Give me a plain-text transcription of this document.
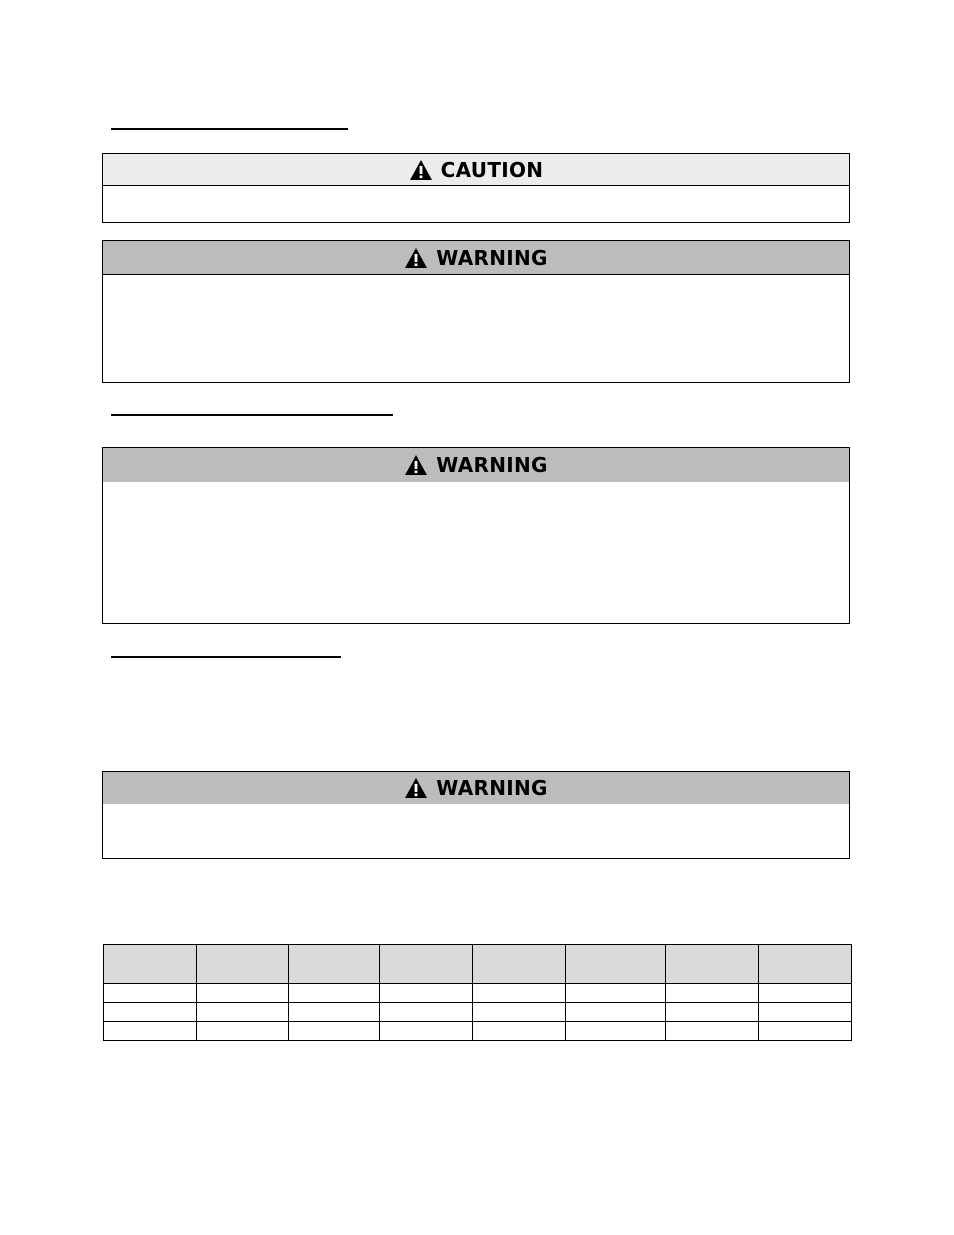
CAUTION
WARNING
WARNING
WARNING
